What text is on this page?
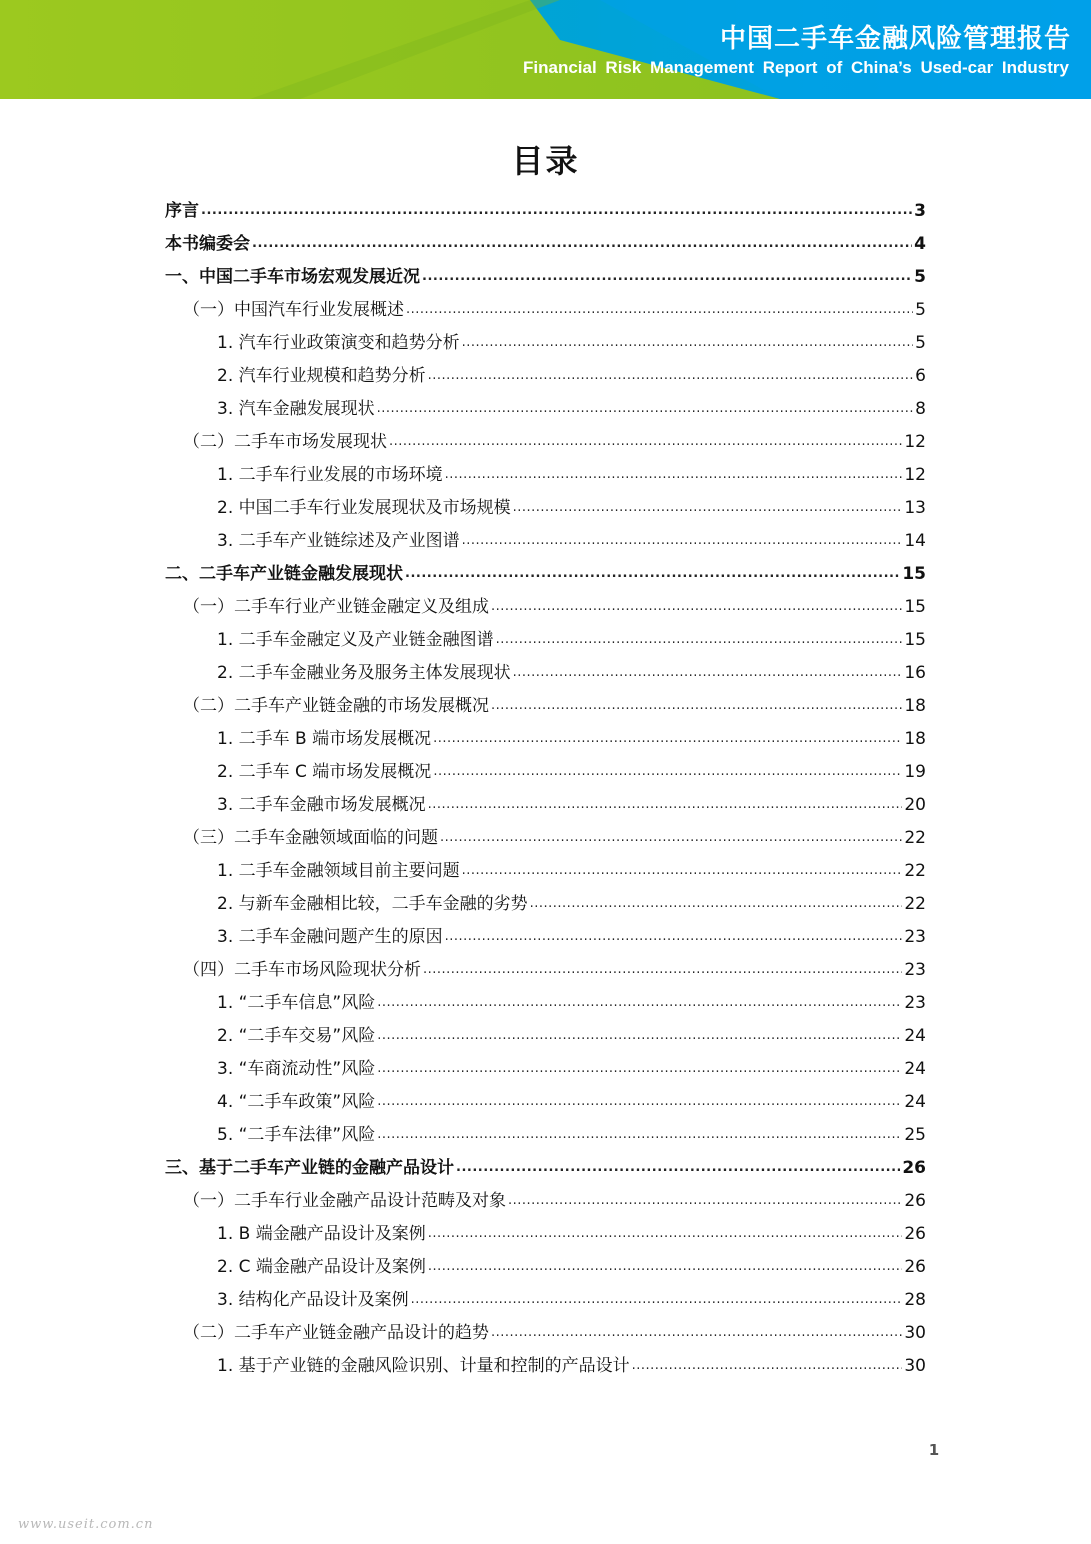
中国二手车金融风险管理报告
Financial Risk Management Report of China’s Used-car Industry
目录
序言 .....	3
本书编委会 .....	4
一、中国二手车市场宏观发展近况 .....	5
（一）中国汽车行业发展概述 .....	5
1. 汽车行业政策演变和趋势分析 .....	5
2. 汽车行业规模和趋势分析 .....	6
3. 汽车金融发展现状 .....	8
（二）二手车市场发展现状 .....	12
1. 二手车行业发展的市场环境 .....	12
2. 中国二手车行业发展现状及市场规模 .....	13
3. 二手车产业链综述及产业图谱 .....	14
二、二手车产业链金融发展现状 .....	15
（一）二手车行业产业链金融定义及组成 .....	15
1. 二手车金融定义及产业链金融图谱 .....	15
2. 二手车金融业务及服务主体发展现状 .....	16
（二）二手车产业链金融的市场发展概况 .....	18
1. 二手车 B 端市场发展概况 .....	18
2. 二手车 C 端市场发展概况 .....	19
3. 二手车金融市场发展概况 .....	20
（三）二手车金融领域面临的问题 .....	22
1. 二手车金融领域目前主要问题 .....	22
2. 与新车金融相比较，二手车金融的劣势 .....	22
3. 二手车金融问题产生的原因 .....	23
（四）二手车市场风险现状分析 .....	23
1. “二手车信息”风险 .....	23
2. “二手车交易”风险 .....	24
3. “车商流动性”风险 .....	24
4. “二手车政策”风险 .....	24
5. “二手车法律”风险 .....	25
三、基于二手车产业链的金融产品设计 .....	26
（一）二手车行业金融产品设计范畴及对象 .....	26
1. B 端金融产品设计及案例 .....	26
2. C 端金融产品设计及案例 .....	26
3. 结构化产品设计及案例 .....	28
（二）二手车产业链金融产品设计的趋势 .....	30
1. 基于产业链的金融风险识别、计量和控制的产品设计 .....	30
1
www.useit.com.cn
